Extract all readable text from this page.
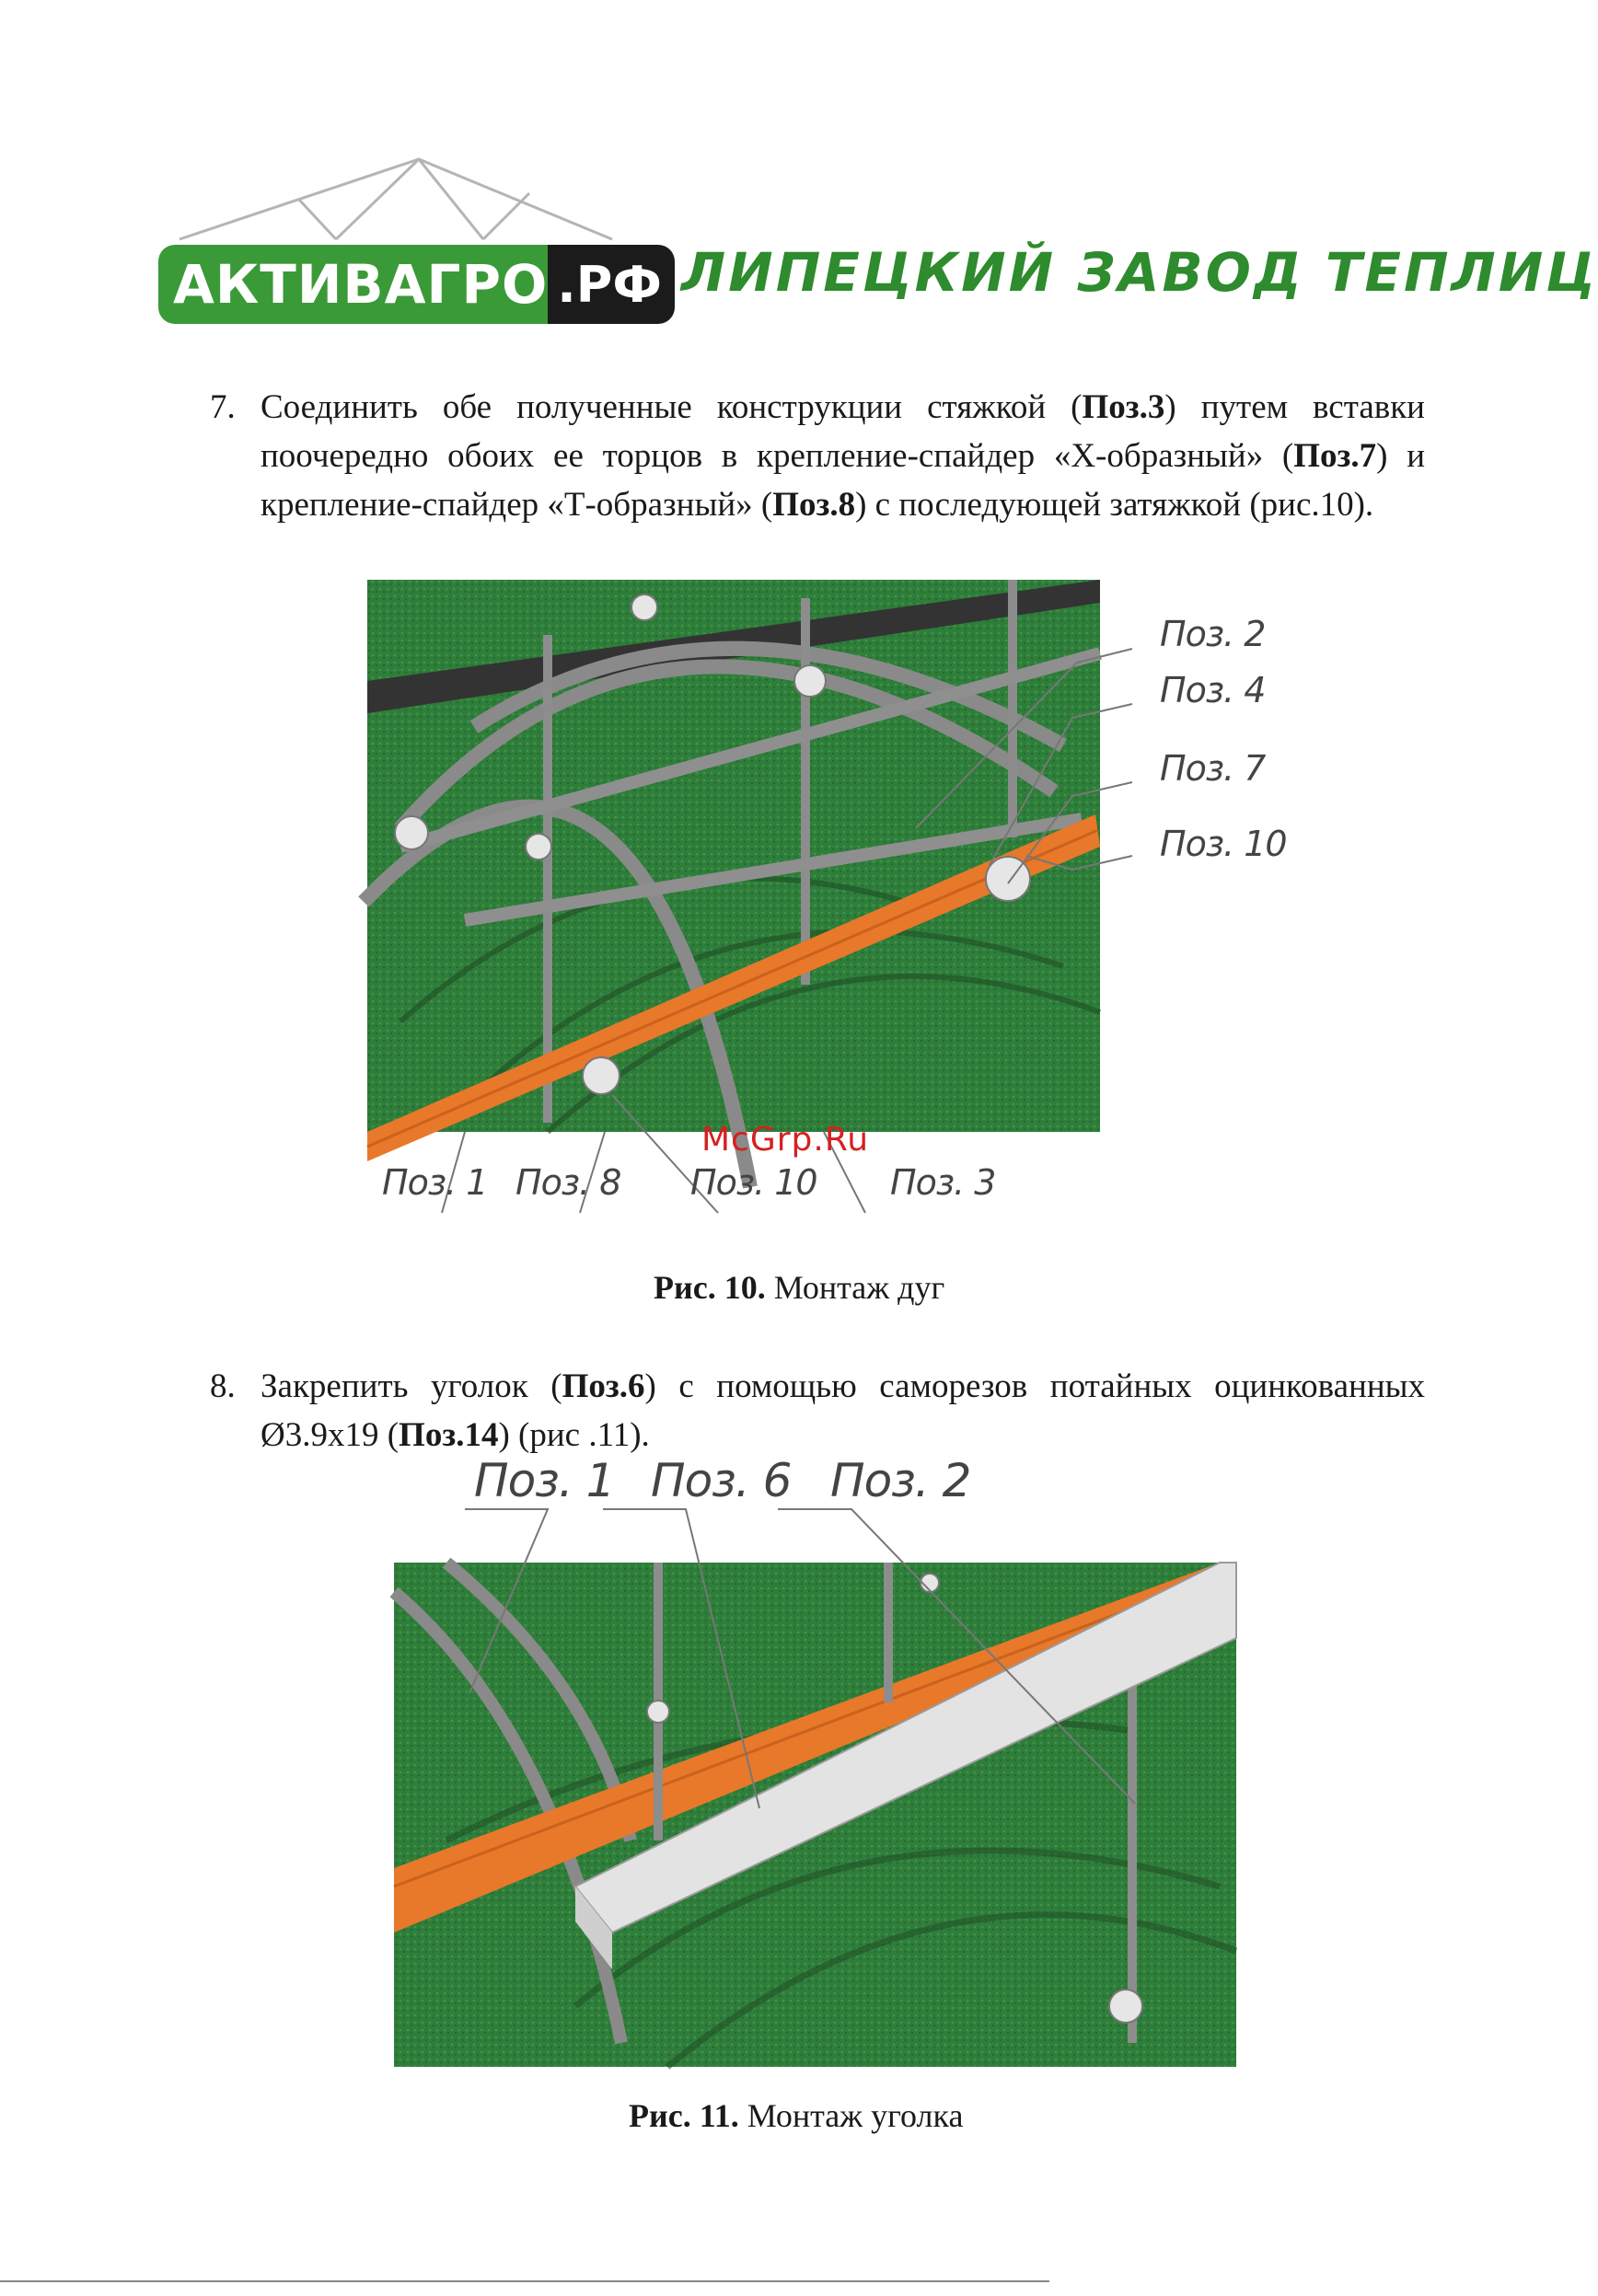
АКТИВАГРО .РФ ЛИПЕЦКИЙ ЗАВОД ТЕПЛИЦ
7. Соединить обе полученные конструкции стяжкой (Поз.3) путем вставки поочередно обоих ее торцов в крепление-спайдер «Х-образный» (Поз.7) и крепление-спайдер «Т-образный» (Поз.8) с последующей затяжкой (рис.10).
Поз. 2
Поз. 4
Поз. 7
Поз. 10
Поз. 1 Поз. 8 Поз. 10 Поз. 3
McGrp.Ru
Рис. 10. Монтаж дуг
8. Закрепить уголок (Поз.6) с помощью саморезов потайных оцинкованных Ø3.9x19 (Поз.14) (рис .11).
Поз. 1 Поз. 6 Поз. 2
Рис. 11. Монтаж уголка
